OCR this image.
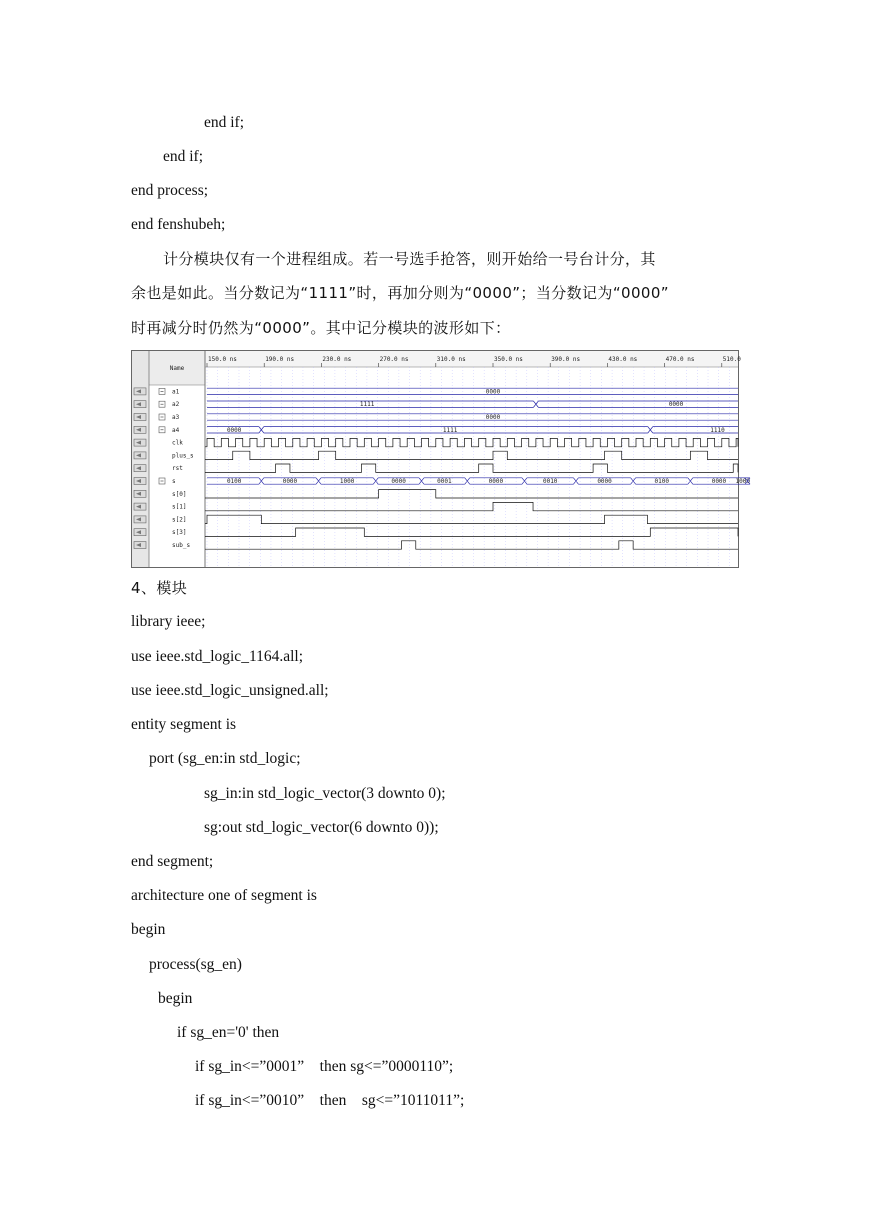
end if;
end if;
end process;
end fenshubeh;
计分模块仅有一个进程组成。若一号选手抢答，则开始给一号台计分，其
余也是如此。当分数记为“1111”时，再加分则为“0000”；当分数记为“0000”
时再减分时仍然为“0000”。其中记分模块的波形如下：
Name
150.0 ns	190.0 ns	230.0 ns	270.0 ns	310.0 ns	350.0 ns	390.0 ns	430.0 ns	470.0 ns	510.0
a1
a2
a3
a4
clk
plus_s
rst
s
s[0]
s[1]
s[2]
s[3]
sub_s
0000
1111	0000
0000
0000	1111	1110
0100	0000	1000	0000	0001	0000	0010	0000	0100	0000 1000
4、模块
library ieee;
use ieee.std_logic_1164.all;
use ieee.std_logic_unsigned.all;
entity segment is
port (sg_en:in std_logic;
sg_in:in std_logic_vector(3 downto 0);
sg:out std_logic_vector(6 downto 0));
end segment;
architecture one of segment is
begin
process(sg_en)
begin
if sg_en='0' then
if sg_in<=”0001”    then sg<=”0000110”;
if sg_in<=”0010”    then    sg<=”1011011”;
